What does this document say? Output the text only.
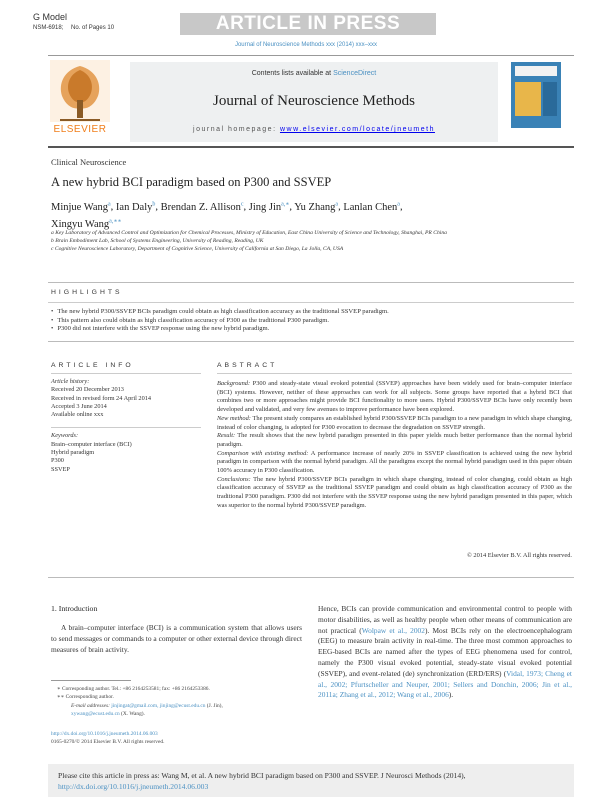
G Model
NSM-6918; No. of Pages 10	ARTICLE IN PRESS
Journal of Neuroscience Methods xxx (2014) xxx–xxx
ELSEVIER
Contents lists available at ScienceDirect
Journal of Neuroscience Methods
journal homepage: www.elsevier.com/locate/jneumeth
Clinical Neuroscience
A new hybrid BCI paradigm based on P300 and SSVEP
Minjue Wang$^a$, Ian Daly$^b$, Brendan Z. Allison$^c$, Jing Jin$^{a,∗}$, Yu Zhang$^a$, Lanlan Chen$^a$,
Xingyu Wang$^{a,∗∗}$
a Key Laboratory of Advanced Control and Optimization for Chemical Processes, Ministry of Education, East China University of Science and Technology, Shanghai, PR China
b Brain Embodiment Lab, School of Systems Engineering, University of Reading, Reading, UK
c Cognitive Neuroscience Laboratory, Department of Cognitive Science, University of California at San Diego, La Jolla, CA, USA
HIGHLIGHTS
• The new hybrid P300/SSVEP BCIs paradigm could obtain as high classification accuracy as the traditional SSVEP paradigm.
• This pattern also could obtain as high classification accuracy of P300 as the traditional P300 paradigm.
• P300 did not interfere with the SSVEP response using the new hybrid paradigm.
ARTICLE INFO
Article history:
Received 20 December 2013
Received in revised form 24 April 2014
Accepted 3 June 2014
Available online xxx
Keywords:
Brain–computer interface (BCI)
Hybrid paradigm
P300
SSVEP
ABSTRACT
Background: P300 and steady-state visual evoked potential (SSVEP) approaches have been widely used for brain–computer interface (BCI) systems. However, neither of these approaches can work for all subjects. Some groups have reported that a hybrid BCI that combines two or more approaches might provide BCI functionality to more users. Hybrid P300/SSVEP BCIs have only recently been developed and validated, and very few avenues to improve performance have been explored.
New method: The present study compares an established hybrid P300/SSVEP BCIs paradigm to a new paradigm in which shape changing, instead of color changing, is adopted for P300 evocation to decrease the degradation on SSVEP strength.
Result: The result shows that the new hybrid paradigm presented in this paper yields much better performance than the normal hybrid paradigm.
Comparison with existing method: A performance increase of nearly 20% in SSVEP classification is achieved using the new hybrid paradigm in comparison with the normal hybrid paradigm. All the paradigms except the normal hybrid paradigm used in this paper obtain 100% accuracy in P300 classification.
Conclusions: The new hybrid P300/SSVEP BCIs paradigm in which shape changing, instead of color changing, could obtain as high classification accuracy of SSVEP as the traditional SSVEP paradigm and could obtain as high classification accuracy of P300 as the traditional P300 paradigm. P300 did not interfere with the SSVEP response using the new hybrid paradigm presented in this paper, which was superior to the normal hybrid P300/SSVEP paradigm.
© 2014 Elsevier B.V. All rights reserved.
1. Introduction
A brain–computer interface (BCI) is a communication system that allows users to send messages or commands to a computer or other external device through direct measures of brain activity.
∗ Corresponding author. Tel.: +86 2164253581; fax: +86 2164253386.
∗∗ Corresponding author.
E-mail addresses: jinjingat@gmail.com, jinjing@ecust.edu.cn (J. Jin),
xywang@ecust.edu.cn (X. Wang).
http://dx.doi.org/10.1016/j.jneumeth.2014.06.003
0165-0270/© 2014 Elsevier B.V. All rights reserved.
Hence, BCIs can provide communication and environmental control to people with motor disabilities, as well as healthy people when other means of communication are not practical (Wolpaw et al., 2002). Most BCIs rely on the electroencephalogram (EEG) to measure brain activity in real-time. The three most common approaches to EEG-based BCIs are named after the types of EEG phenomena used for control, namely the P300 visual evoked potential, steady-state visual evoked potential (SSVEP), and event-related (de) synchronization (ERD/ERS) (Vidal, 1973; Cheng et al., 2002; Pfurtscheller and Neuper, 2001; Sellers and Donchin, 2006; Jin et al., 2011a; Zhang et al., 2012; Wang et al., 2006).
Please cite this article in press as: Wang M, et al. A new hybrid BCI paradigm based on P300 and SSVEP. J Neurosci Methods (2014),
http://dx.doi.org/10.1016/j.jneumeth.2014.06.003
